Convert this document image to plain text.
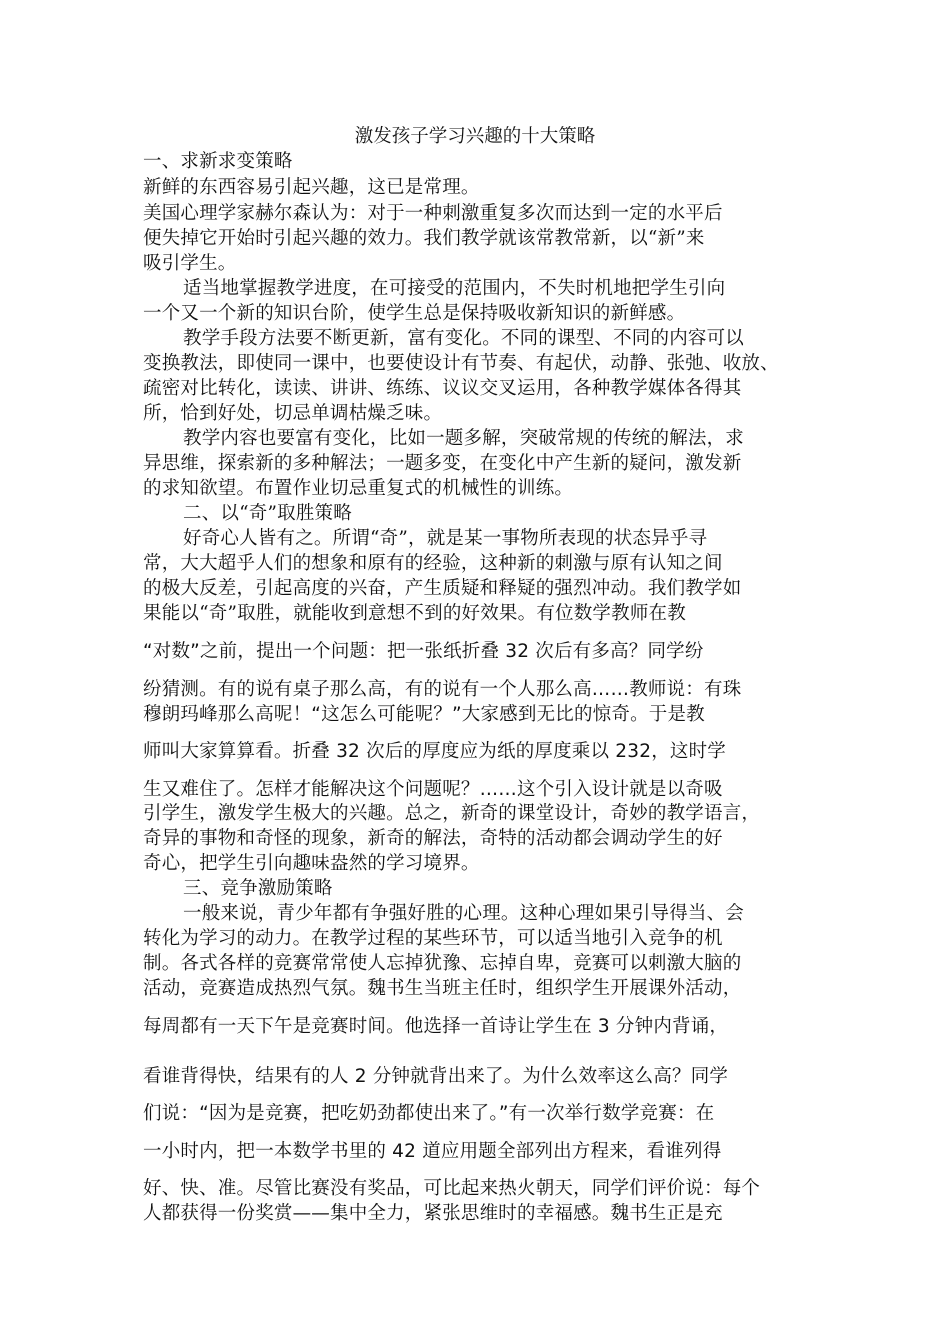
激发孩子学习兴趣的十大策略
一、求新求变策略
新鲜的东西容易引起兴趣，这已是常理。
美国心理学家赫尔森认为：对于一种刺激重复多次而达到一定的水平后
便失掉它开始时引起兴趣的效力。我们教学就该常教常新，以“新”来
吸引学生。
适当地掌握教学进度，在可接受的范围内，不失时机地把学生引向
一个又一个新的知识台阶，使学生总是保持吸收新知识的新鲜感。
教学手段方法要不断更新，富有变化。不同的课型、不同的内容可以
变换教法，即使同一课中，也要使设计有节奏、有起伏，动静、张弛、收放、
疏密对比转化，读读、讲讲、练练、议议交叉运用，各种教学媒体各得其
所，恰到好处，切忌单调枯燥乏味。
教学内容也要富有变化，比如一题多解，突破常规的传统的解法，求
异思维，探索新的多种解法；一题多变，在变化中产生新的疑问，激发新
的求知欲望。布置作业切忌重复式的机械性的训练。
二、以“奇”取胜策略
好奇心人皆有之。所谓“奇”，就是某一事物所表现的状态异乎寻
常，大大超乎人们的想象和原有的经验，这种新的刺激与原有认知之间
的极大反差，引起高度的兴奋，产生质疑和释疑的强烈冲动。我们教学如
果能以“奇”取胜，就能收到意想不到的好效果。有位数学教师在教
“对数”之前，提出一个问题：把一张纸折叠 32 次后有多高？同学纷
纷猜测。有的说有桌子那么高，有的说有一个人那么高……教师说：有珠
穆朗玛峰那么高呢！“这怎么可能呢？”大家感到无比的惊奇。于是教
师叫大家算算看。折叠 32 次后的厚度应为纸的厚度乘以 232，这时学
生又难住了。怎样才能解决这个问题呢？……这个引入设计就是以奇吸
引学生，激发学生极大的兴趣。总之，新奇的课堂设计，奇妙的教学语言，
奇异的事物和奇怪的现象，新奇的解法，奇特的活动都会调动学生的好
奇心，把学生引向趣味盎然的学习境界。
三、竞争激励策略
一般来说，青少年都有争强好胜的心理。这种心理如果引导得当、会
转化为学习的动力。在教学过程的某些环节，可以适当地引入竞争的机
制。各式各样的竞赛常常使人忘掉犹豫、忘掉自卑，竞赛可以刺激大脑的
活动，竞赛造成热烈气氛。魏书生当班主任时，组织学生开展课外活动，
每周都有一天下午是竞赛时间。他选择一首诗让学生在 3 分钟内背诵，
看谁背得快，结果有的人 2 分钟就背出来了。为什么效率这么高？同学
们说：“因为是竞赛，把吃奶劲都使出来了。”有一次举行数学竞赛：在
一小时内，把一本数学书里的 42 道应用题全部列出方程来，看谁列得
好、快、准。尽管比赛没有奖品，可比起来热火朝天，同学们评价说：每个
人都获得一份奖赏——集中全力，紧张思维时的幸福感。魏书生正是充
